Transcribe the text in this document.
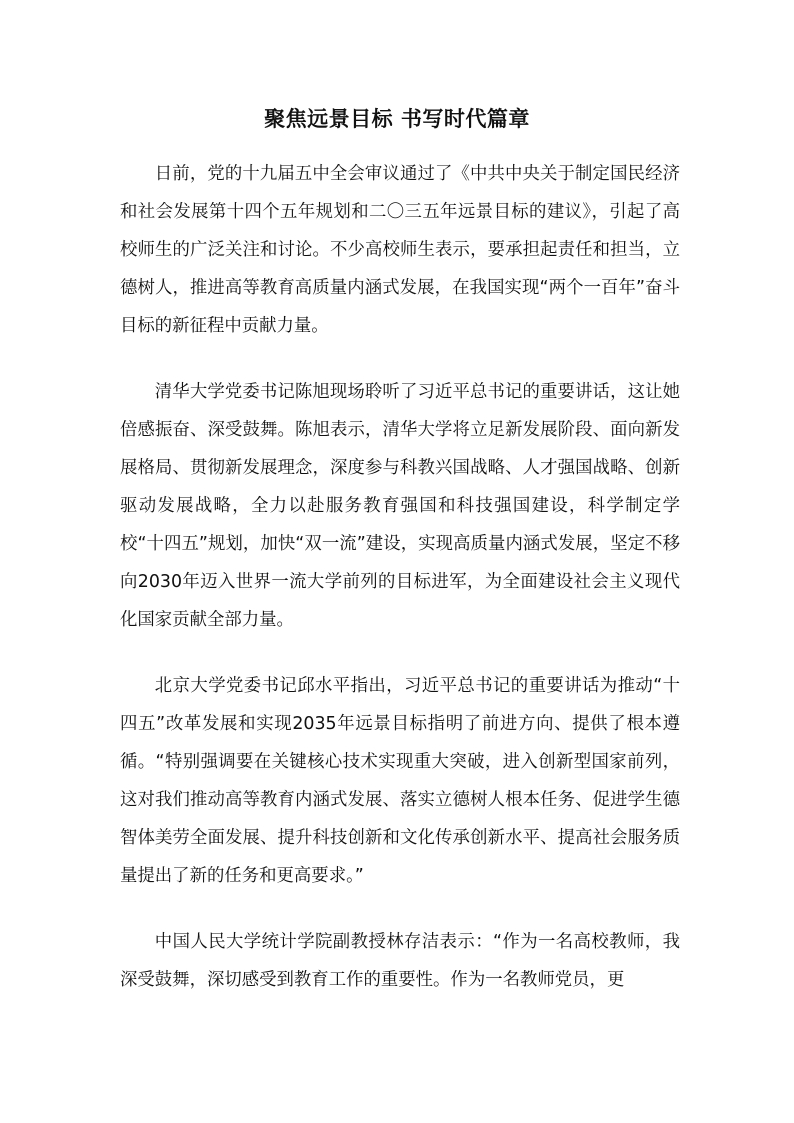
聚焦远景目标 书写时代篇章

日前，党的十九届五中全会审议通过了《中共中央关于制定国民经济和社会发展第十四个五年规划和二〇三五年远景目标的建议》，引起了高校师生的广泛关注和讨论。不少高校师生表示，要承担起责任和担当，立德树人，推进高等教育高质量内涵式发展，在我国实现“两个一百年”奋斗目标的新征程中贡献力量。

清华大学党委书记陈旭现场聆听了习近平总书记的重要讲话，这让她倍感振奋、深受鼓舞。陈旭表示，清华大学将立足新发展阶段、面向新发展格局、贯彻新发展理念，深度参与科教兴国战略、人才强国战略、创新驱动发展战略，全力以赴服务教育强国和科技强国建设，科学制定学校“十四五”规划，加快“双一流”建设，实现高质量内涵式发展，坚定不移向2030年迈入世界一流大学前列的目标进军，为全面建设社会主义现代化国家贡献全部力量。

北京大学党委书记邱水平指出，习近平总书记的重要讲话为推动“十四五”改革发展和实现2035年远景目标指明了前进方向、提供了根本遵循。“特别强调要在关键核心技术实现重大突破，进入创新型国家前列，这对我们推动高等教育内涵式发展、落实立德树人根本任务、促进学生德智体美劳全面发展、提升科技创新和文化传承创新水平、提高社会服务质量提出了新的任务和更高要求。”

中国人民大学统计学院副教授林存洁表示：“作为一名高校教师，我深受鼓舞，深切感受到教育工作的重要性。作为一名教师党员，更
